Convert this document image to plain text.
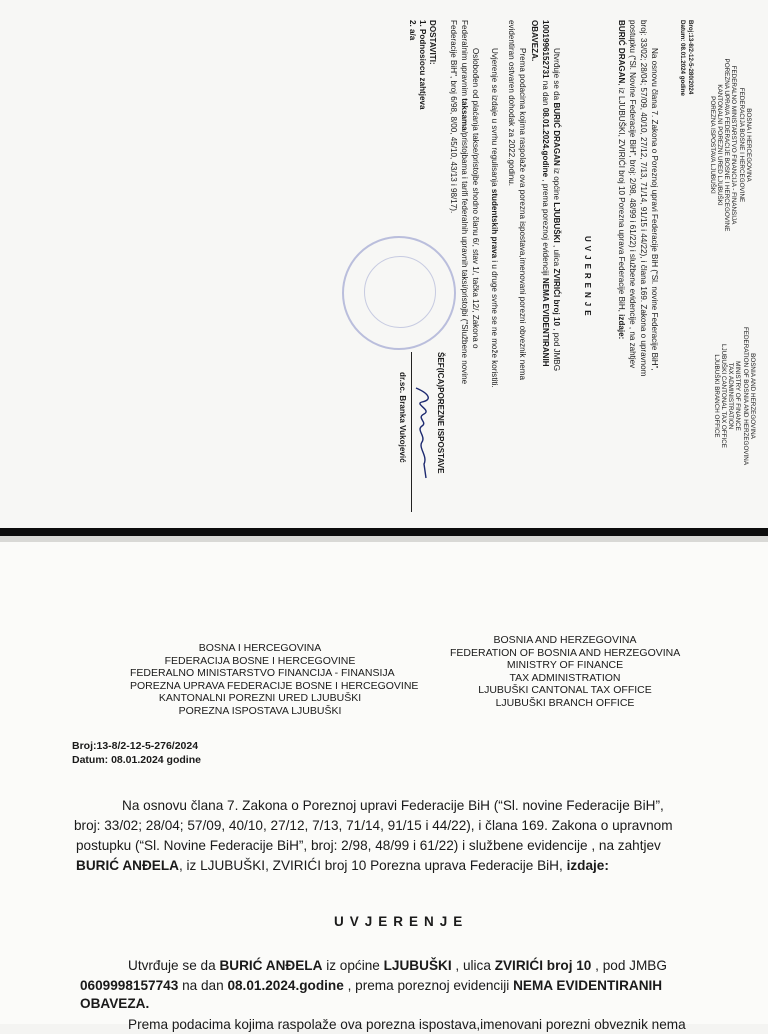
BOSNA I HERCEGOVINA
FEDERACIJA BOSNE I HERCEGOVINE
FEDERALNO MINISTARSTVO FINANCIJA - FINANSIJA
POREZNA UPRAVA FEDERACIJE BOSNE I HERCEGOVINE
KANTONALNI POREZNI URED LJUBUŠKI
POREZNA ISPOSTAVA LJUBUŠKI
BOSNIA AND HERZEGOVINA
FEDERATION OF BOSNIA AND HERZEGOVINA
MINISTRY OF FINANCE
TAX ADMINISTRATION
LJUBUŠKI CANTONAL TAX OFFICE
LJUBUŠKI BRANCH OFFICE
Broj:13-8/2-12-5-280/2024
Datum: 08.01.2024 godine
Na osnovu člana 7. Zakona o Poreznoj upravi Federacije BiH (“Sl. novine Federacije BiH”,
broj: 33/02; 28/04; 57/09, 40/10, 27/12, 7/13, 71/14, 91/15 i 44/22), i člana 169. Zakona o upravnom
postupku (“Sl. Novine Federacije BiH”, broj: 2/98, 48/99 i 61/22) i službene evidencije , na zahtjev
BURIĆ DRAGAN, iz LJUBUŠKI, ZVIRIĆI broj 10 Porezna uprava Federacije BiH, izdaje:
UVJERENJE
Utvrđuje se da BURIĆ DRAGAN iz općine LJUBUŠKI , ulica ZVIRIĆI broj 10 , pod JMBG
1001996152731 na dan 08.01.2024.godine , prema poreznoj evidenciji NEMA EVIDENTIRANIH
OBAVEZA.
Prema podacima kojima raspolaže ova porezna ispostava,imenovani porezni obveznik nema
evidentiran ostvaren dohodak za 2022.godinu.
Uvjerenje se izdaje u svrhu regulisanja studentskih prava i u druge svrhe se ne može koristiti.
Oslobođen od plaćanja takse/pristojbe shodno članu 6/, stav 1/, tačka 12/, Zakona o
Federalnim upravnim taksama/pristojbama i tarifi federalnih upravnih taksi/pristojbi ("Službene novine
Federacije BiH", broj 6/98, 8/00, 45/10, 43/13 i 98/17).
ŠEF(ICA)POREZNE ISPOSTAVE
dr.sc. Branka Vukojević
DOSTAVITI:
1. Podnosiocu zahtjeva
2. a/a
BOSNA I HERCEGOVINA
FEDERACIJA BOSNE I HERCEGOVINE
FEDERALNO MINISTARSTVO FINANCIJA - FINANSIJA
POREZNA UPRAVA FEDERACIJE BOSNE I HERCEGOVINE
KANTONALNI POREZNI URED LJUBUŠKI
POREZNA ISPOSTAVA LJUBUŠKI
BOSNIA AND HERZEGOVINA
FEDERATION OF BOSNIA AND HERZEGOVINA
MINISTRY OF FINANCE
TAX ADMINISTRATION
LJUBUŠKI CANTONAL TAX OFFICE
LJUBUŠKI BRANCH OFFICE
Broj:13-8/2-12-5-276/2024
Datum: 08.01.2024 godine
Na osnovu člana 7. Zakona o Poreznoj upravi Federacije BiH (“Sl. novine Federacije BiH”,
broj: 33/02; 28/04; 57/09, 40/10, 27/12, 7/13, 71/14, 91/15 i 44/22), i člana 169. Zakona o upravnom
postupku (“Sl. Novine Federacije BiH”, broj: 2/98, 48/99 i 61/22) i službene evidencije , na zahtjev
BURIĆ ANĐELA, iz LJUBUŠKI, ZVIRIĆI broj 10 Porezna uprava Federacije BiH, izdaje:
UVJERENJE
Utvrđuje se da BURIĆ ANĐELA iz općine LJUBUŠKI , ulica ZVIRIĆI broj 10 , pod JMBG
0609998157743 na dan 08.01.2024.godine , prema poreznoj evidenciji NEMA EVIDENTIRANIH
OBAVEZA.
Prema podacima kojima raspolaže ova porezna ispostava,imenovani porezni obveznik nema
